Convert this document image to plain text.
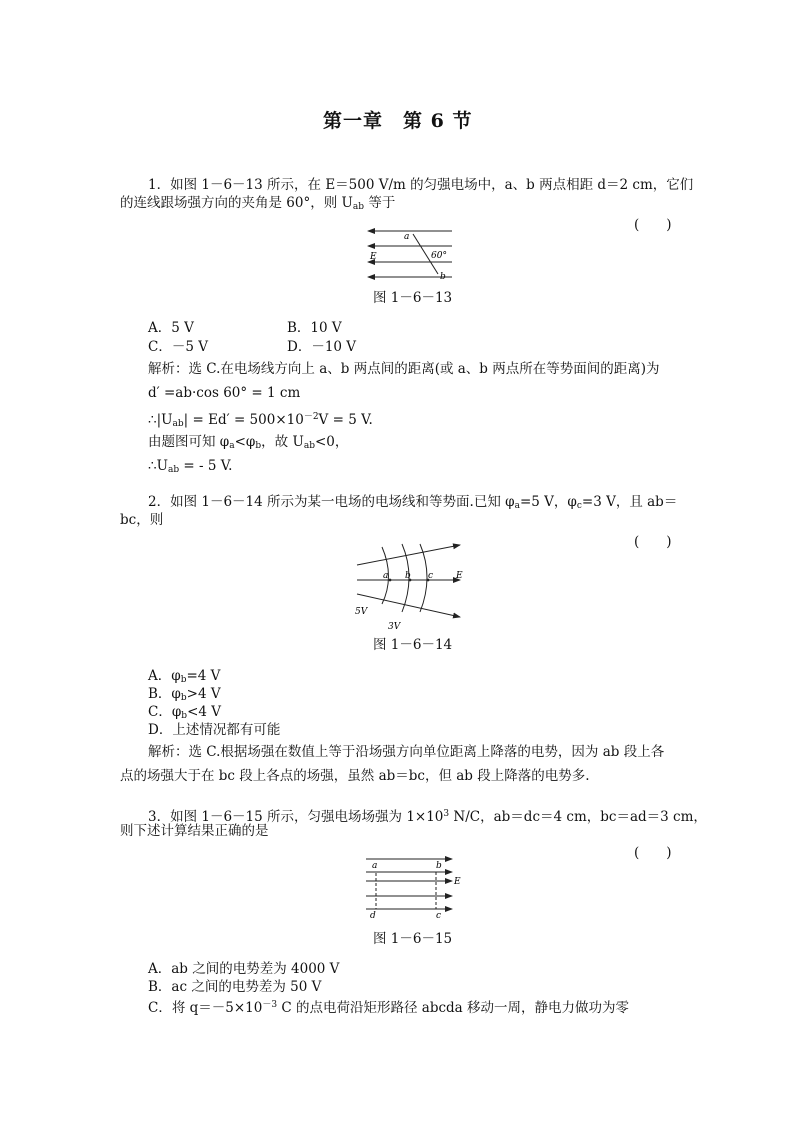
第一章　第 6 节
1．如图 1－6－13 所示，在 E＝500 V/m 的匀强电场中，a、b 两点相距 d＝2 cm，它们
的连线跟场强方向的夹角是 60°，则 $U_{ab}$ 等于
(　　)
a
b
E	60°
图 1－6－13
A．5 V	B．10 V
C．－5 V	D．－10 V
解析：选 C.在电场线方向上 a、b 两点间的距离(或 a、b 两点所在等势面间的距离)为
d′ =ab·cos 60° = 1 cm
$\therefore|U_{ab}| = Ed' = 500\times 10^{-2}V = 5$ V.
由题图可知 $\varphi_a<\varphi_b$，故 $U_{ab}<0$，
$\therefore U_{ab}$ = - 5 V.
2．如图 1－6－14 所示为某一电场的电场线和等势面.已知 $\varphi_a=5$ V，$\varphi_c=3$ V，且 ab＝
bc，则
(　　)
a b c	E
5V
3V
图 1－6－14
A．$\varphi_b=4$ V
B．$\varphi_b>4$ V
C．$\varphi_b<4$ V
D．上述情况都有可能
解析：选 C.根据场强在数值上等于沿场强方向单位距离上降落的电势，因为 ab 段上各
点的场强大于在 bc 段上各点的场强，虽然 ab＝bc，但 ab 段上降落的电势多.
3．如图 1－6－15 所示，匀强电场场强为 $1\times 10^3$ N/C，ab＝dc＝4 cm，bc＝ad＝3 cm，
则下述计算结果正确的是
(　　)
a	b
c
d
E
图 1－6－15
A．ab 之间的电势差为 4000 V
B．ac 之间的电势差为 50 V
C．将 $q=-5\times 10^{-3}$ C 的点电荷沿矩形路径 abcda 移动一周，静电力做功为零
